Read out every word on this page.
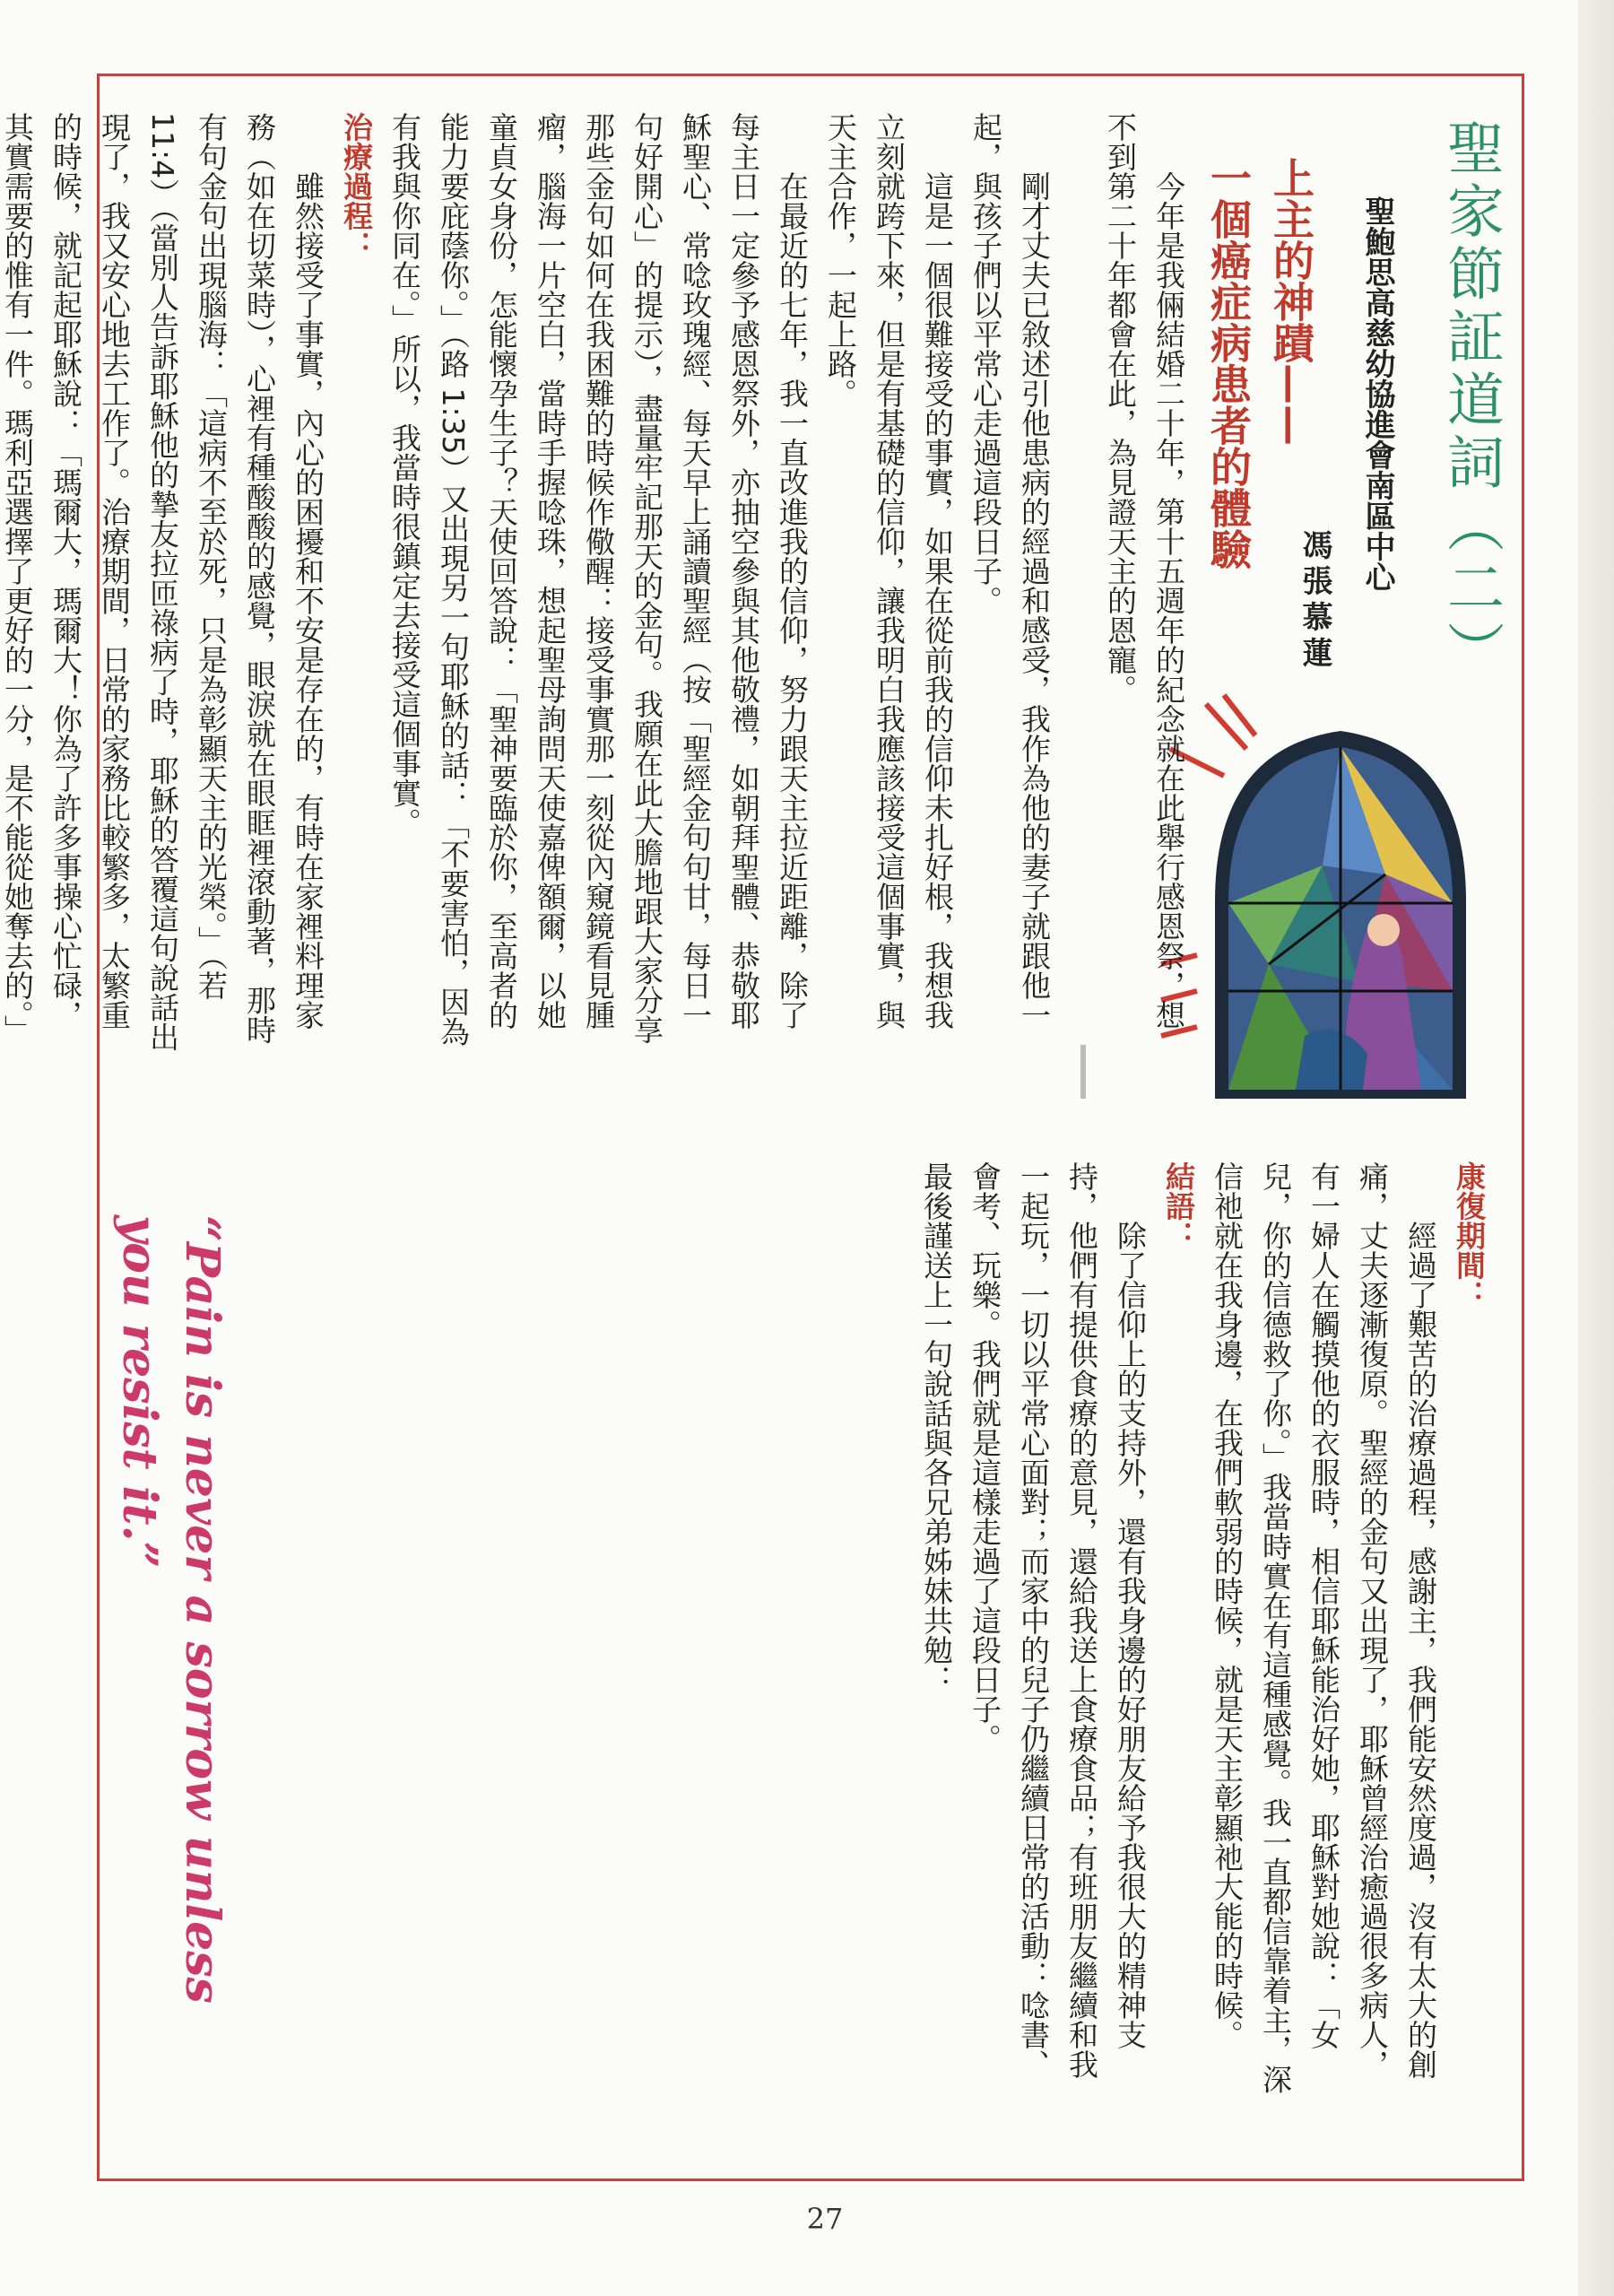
聖家節証道詞（二）
聖鮑思高慈幼協進會南區中心
馮張慕蓮
上主的神蹟——
一個癌症病患者的體驗

今年是我倆結婚二十年，第十五週年的紀念就在此舉行感恩祭，想不到第二十年都會在此，為見證天主的恩寵。

剛才丈夫已敘述引他患病的經過和感受，我作為他的妻子就跟他一起，與孩子們以平常心走過這段日子。

這是一個很難接受的事實，如果在從前我的信仰未扎好根，我想我立刻就跨下來，但是有基礎的信仰，讓我明白我應該接受這個事實，與天主合作，一起上路。

在最近的七年，我一直改進我的信仰，努力跟天主拉近距離，除了每主日一定參予感恩祭外，亦抽空參與其他敬禮，如朝拜聖體、恭敬耶穌聖心、常唸玫瑰經、每天早上誦讀聖經（按「聖經金句句甘，每日一句好開心」的提示），盡量牢記那天的金句。我願在此大膽地跟大家分享那些金句如何在我困難的時候作儆醒：接受事實那一刻從內窺鏡看見腫瘤，腦海一片空白，當時手握唸珠，想起聖母詢問天使嘉俾額爾，以她童貞女身份，怎能懷孕生子？天使回答說：「聖神要臨於你，至高者的能力要庇蔭你。」（路 1:35）又出現另一句耶穌的話：「不要害怕，因為有我與你同在。」所以，我當時很鎮定去接受這個事實。

治療過程：

雖然接受了事實，內心的困擾和不安是存在的，有時在家裡料理家務（如在切菜時），心裡有種酸酸的感覺，眼淚就在眼眶裡滾動著，那時有句金句出現腦海：「這病不至於死，只是為彰顯天主的光榮。」（若 11:4）（當別人告訴耶穌他的摯友拉匝祿病了時，耶穌的答覆這句說話出現了，我又安心地去工作了。治療期間，日常的家務比較繁多，太繁重的時候，就記起耶穌說：「瑪爾大，瑪爾大！你為了許多事操心忙碌，其實需要的惟有一件。瑪利亞選擇了更好的一分，是不能從她奪去的。」

康復期間：

經過了艱苦的治療過程，感謝主，我們能安然度過，沒有太大的創痛，丈夫逐漸復原。聖經的金句又出現了，耶穌曾經治癒過很多病人，有一婦人在觸摸他的衣服時，相信耶穌能治好她，耶穌對她說：「女兒，你的信德救了你。」我當時實在有這種感覺。我一直都信靠着主，深信祂就在我身邊，在我們軟弱的時候，就是天主彰顯祂大能的時候。

結語：

除了信仰上的支持外，還有我身邊的好朋友給予我很大的精神支持，他們有提供食療的意見，還給我送上食療食品；有班朋友繼續和我一起玩，一切以平常心面對；而家中的兒子仍繼續日常的活動：唸書、會考、玩樂。我們就是這樣走過了這段日子。

最後謹送上一句說話與各兄弟姊妹共勉：

“Pain is never a sorrow unless you resist it.”
27
